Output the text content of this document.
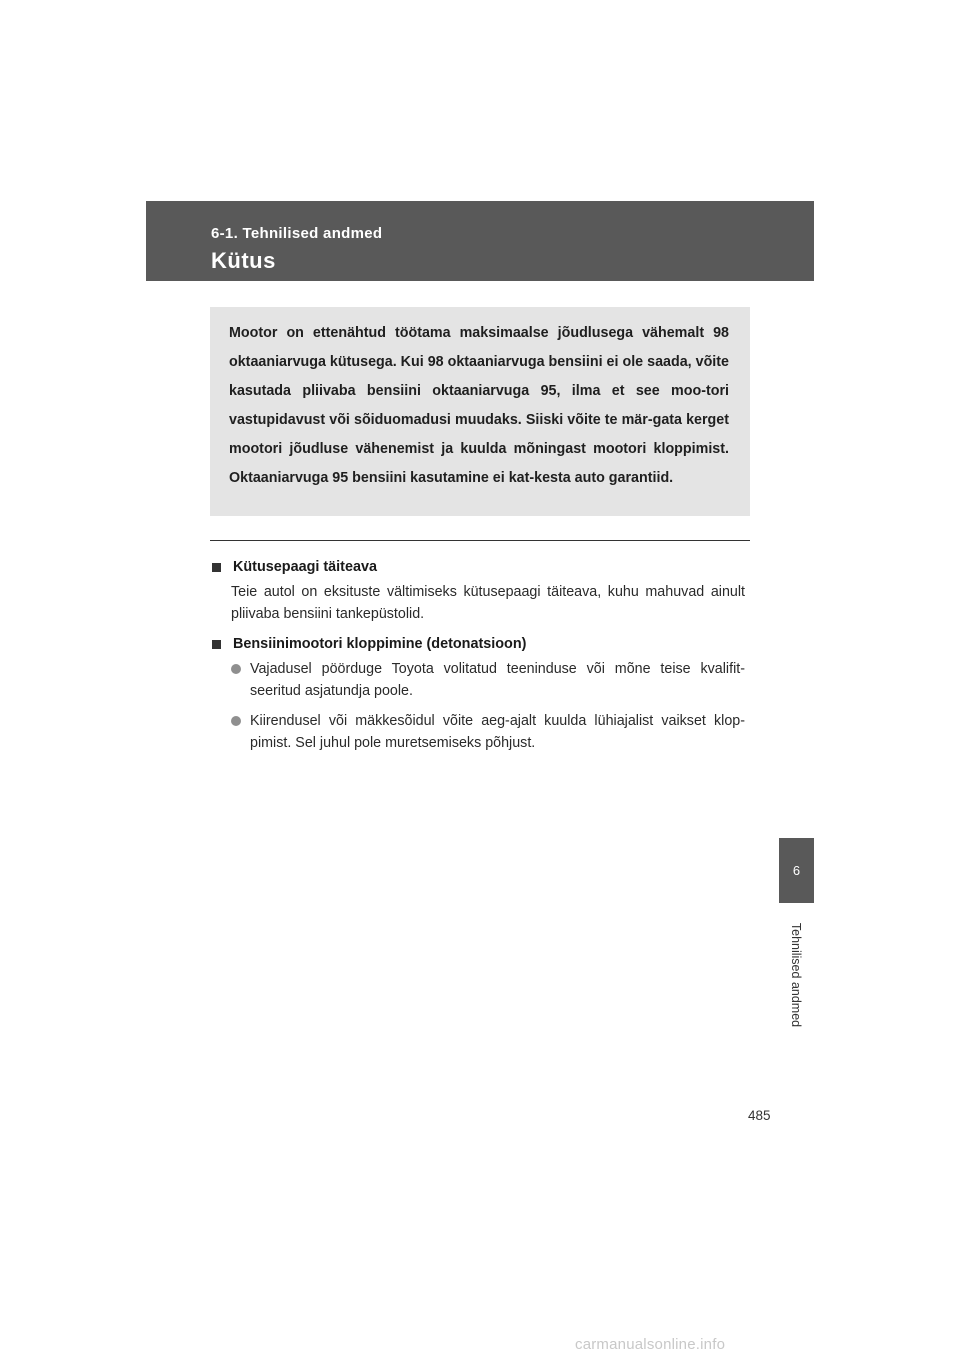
6-1. Tehnilised andmed
Kütus

Mootor on ettenähtud töötama maksimaalse jõudlusega vähemalt 98 oktaaniarvuga kütusega. Kui 98 oktaaniarvuga bensiini ei ole saada, võite kasutada pliivaba bensiini oktaaniarvuga 95, ilma et see moo-tori vastupidavust või sõiduomadusi muudaks. Siiski võite te mär-gata kerget mootori jõudluse vähenemist ja kuulda mõningast mootori kloppimist. Oktaaniarvuga 95 bensiini kasutamine ei kat-kesta auto garantiid.

Kütusepaagi täiteava

Teie autol on eksituste vältimiseks kütusepaagi täiteava, kuhu mahuvad ainult pliivaba bensiini tankepüstolid.

Bensiinimootori kloppimine (detonatsioon)
Vajadusel pöörduge Toyota volitatud teeninduse või mõne teise kvalifit-seeritud asjatundja poole.
Kiirendusel või mäkkesõidul võite aeg-ajalt kuulda lühiajalist vaikset klop-pimist. Sel juhul pole muretsemiseks põhjust.
6
Tehnilised andmed
485
carmanualsonline.info
